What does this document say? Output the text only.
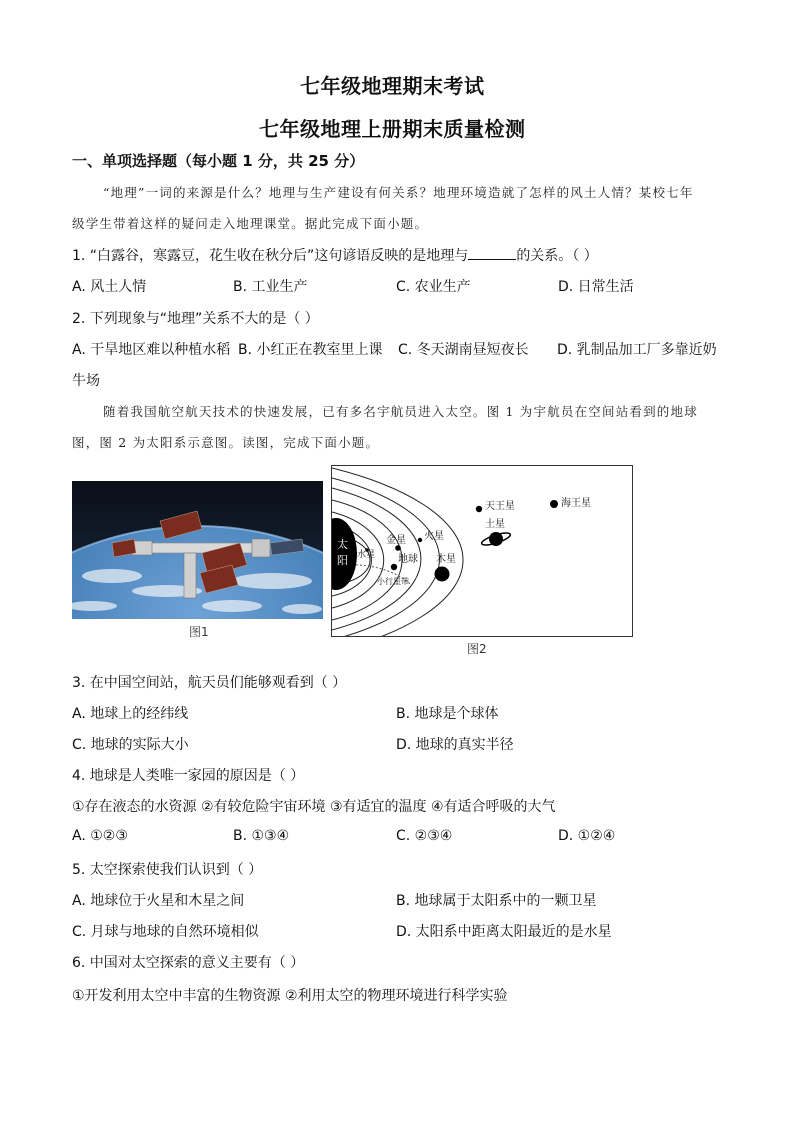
七年级地理期末考试
七年级地理上册期末质量检测
一、单项选择题（每小题 1 分，共 25 分）
“地理”一词的来源是什么？地理与生产建设有何关系？地理环境造就了怎样的风土人情？某校七年
级学生带着这样的疑问走入地理课堂。据此完成下面小题。
1. “白露谷，寒露豆，花生收在秋分后”这句谚语反映的是地理与	的关系。（ ）
A. 风土人情	B. 工业生产	C. 农业生产	D. 日常生活
2. 下列现象与“地理”关系不大的是（ ）
A. 干旱地区难以种植水稻 B. 小红正在教室里上课 C. 冬天湖南昼短夜长 D. 乳制品加工厂多靠近奶
牛场
随着我国航空航天技术的快速发展，已有多名宇航员进入太空。图 1 为宇航员在空间站看到的地球
图，图 2 为太阳系示意图。读图，完成下面小题。
图1
太
阳 水星
金星
地球
火星
木星
小行星带
土星
天王星	海王星
图2
3. 在中国空间站，航天员们能够观看到（ ）
A. 地球上的经纬线	B. 地球是个球体
C. 地球的实际大小	D. 地球的真实半径
4. 地球是人类唯一家园的原因是（ ）
①存在液态的水资源 ②有较危险宇宙环境 ③有适宜的温度 ④有适合呼吸的大气
A. ①②③	B. ①③④	C. ②③④	D. ①②④
5. 太空探索使我们认识到（ ）
A. 地球位于火星和木星之间	B. 地球属于太阳系中的一颗卫星
C. 月球与地球的自然环境相似	D. 太阳系中距离太阳最近的是水星
6. 中国对太空探索的意义主要有（ ）
①开发利用太空中丰富的生物资源 ②利用太空的物理环境进行科学实验
